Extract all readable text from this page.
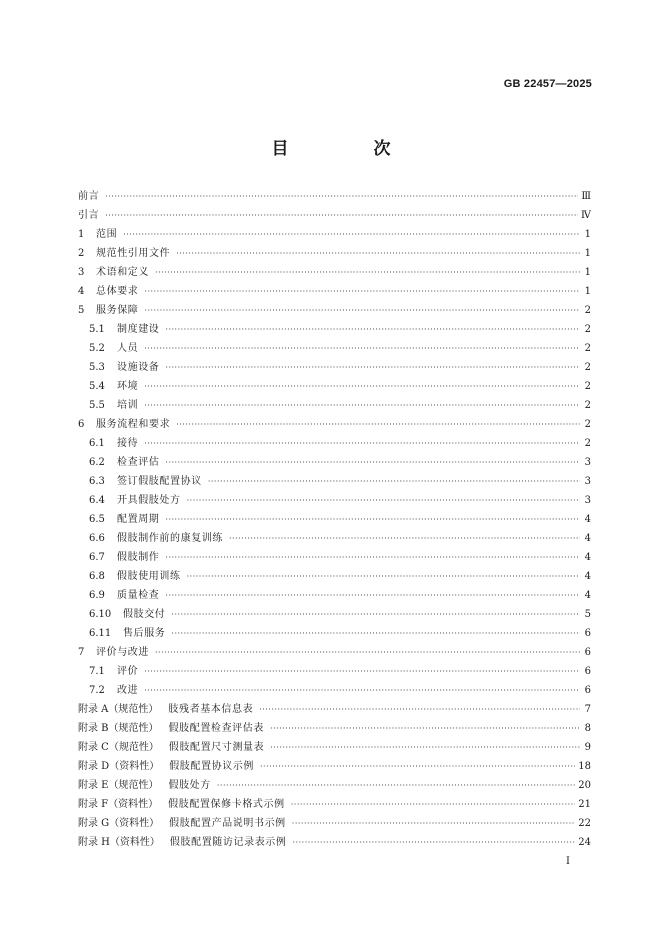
GB 22457—2025
目　次
前言 ·····	Ⅲ
引言 ·····	Ⅳ
1	范围 ·····	1
2	规范性引用文件 ·····	1
3	术语和定义 ·····	1
4	总体要求 ·····	1
5	服务保障 ·····	2
5.1	制度建设 ·····	2
5.2	人员 ·····	2
5.3	设施设备 ·····	2
5.4	环境 ·····	2
5.5	培训 ·····	2
6	服务流程和要求 ·····	2
6.1	接待 ·····	2
6.2	检查评估 ·····	3
6.3	签订假肢配置协议 ·····	3
6.4	开具假肢处方 ·····	3
6.5	配置周期 ·····	4
6.6	假肢制作前的康复训练 ·····	4
6.7	假肢制作 ·····	4
6.8	假肢使用训练 ·····	4
6.9	质量检查 ·····	4
6.10	假肢交付 ·····	5
6.11	售后服务 ·····	6
7	评价与改进 ·····	6
7.1	评价 ·····	6
7.2	改进 ·····	6
附录 A（规范性） 肢残者基本信息表 ·····	7
附录 B（规范性） 假肢配置检查评估表 ·····	8
附录 C（规范性） 假肢配置尺寸测量表 ·····	9
附录 D（资料性） 假肢配置协议示例 ·····	18
附录 E（规范性） 假肢处方 ·····	20
附录 F（资料性） 假肢配置保修卡格式示例 ·····	21
附录 G（资料性） 假肢配置产品说明书示例 ·····	22
附录 H（资料性） 假肢配置随访记录表示例 ·····	24
I
